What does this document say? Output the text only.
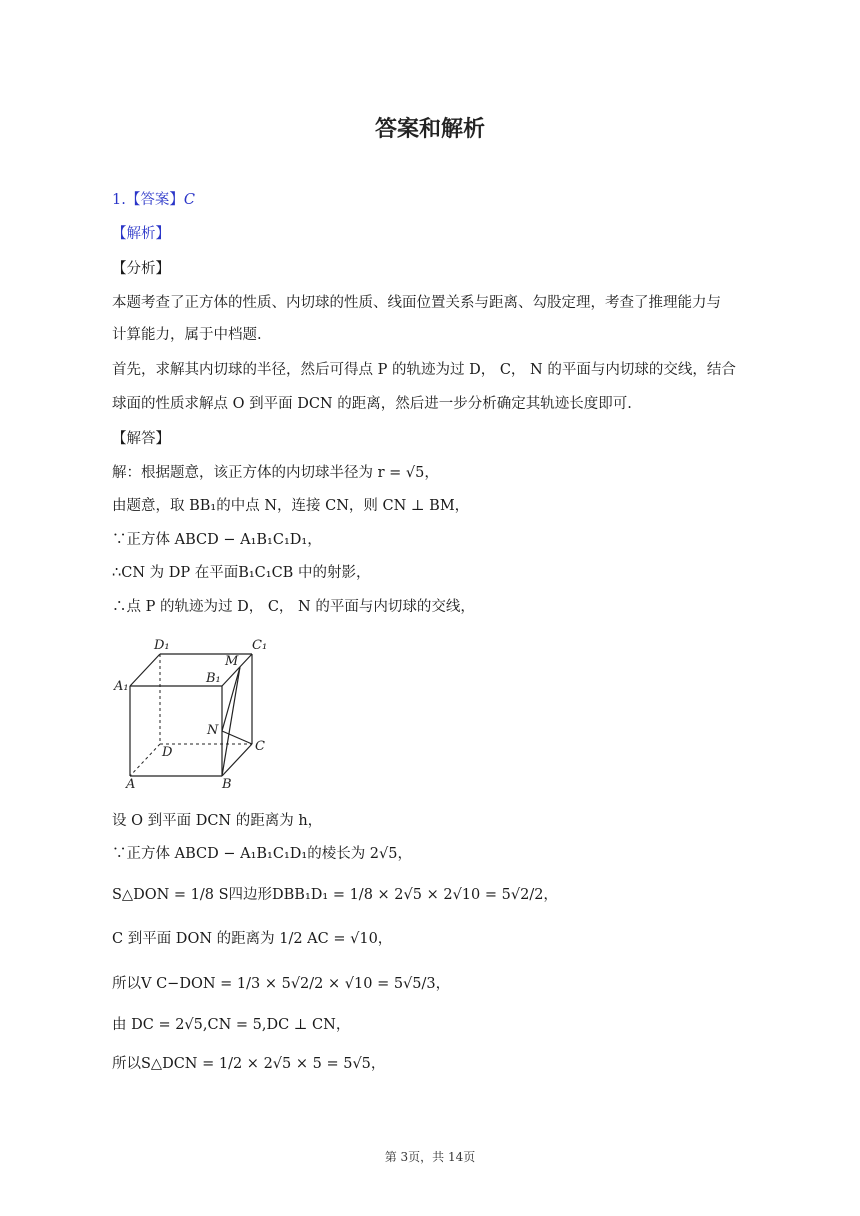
答案和解析
1.【答案】C
【解析】
【分析】
本题考查了正方体的性质、内切球的性质、线面位置关系与距离、勾股定理，考查了推理能力与
计算能力，属于中档题.
首先，求解其内切球的半径，然后可得点 P 的轨迹为过 D， C， N 的平面与内切球的交线，结合
球面的性质求解点 O 到平面 DCN 的距离，然后进一步分析确定其轨迹长度即可.
【解答】
解：根据题意，该正方体的内切球半径为 r = √5，
由题意，取 BB₁的中点 N，连接 CN，则 CN ⊥ BM，
∵正方体 ABCD − A₁B₁C₁D₁，
∴CN 为 DP 在平面B₁C₁CB 中的射影，
∴点 P 的轨迹为过 D， C， N 的平面与内切球的交线，
D₁	C₁
M
A₁
B₁
N
D	C
A	B
设 O 到平面 DCN 的距离为 h，
∵正方体 ABCD − A₁B₁C₁D₁的棱长为 2√5，
S△DON = 1/8 S四边形DBB₁D₁ = 1/8 × 2√5 × 2√10 = 5√2/2，
C 到平面 DON 的距离为 1/2 AC = √10，
所以V C−DON = 1/3 × 5√2/2 × √10 = 5√5/3，
由 DC = 2√5,CN = 5,DC ⊥ CN，
所以S△DCN = 1/2 × 2√5 × 5 = 5√5，
第 3页，共 14页
